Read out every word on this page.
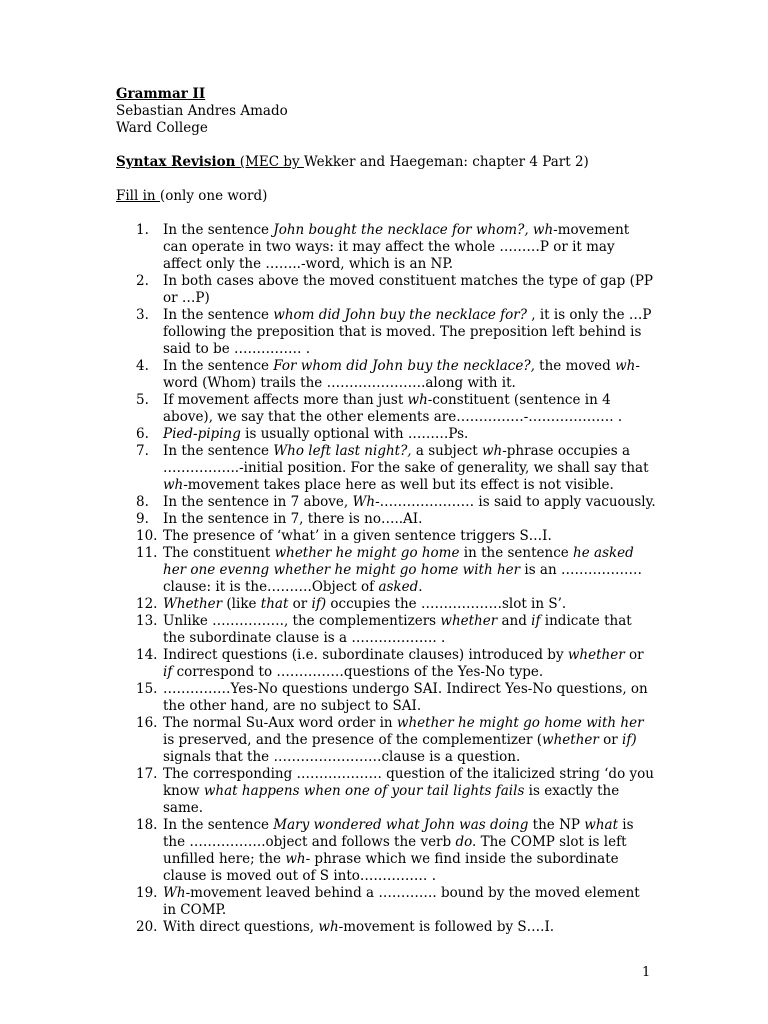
Grammar II
Sebastian Andres Amado
Ward College
Syntax Revision (MEC by Wekker and Haegeman: chapter 4 Part 2)
Fill in (only one word)
1.	In the sentence John bought the necklace for whom?, wh-movement can operate in two ways: it may affect the whole ………P or it may affect only the ……..-word, which is an NP.
2.	In both cases above the moved constituent matches the type of gap (PP or …P)
3.	In the sentence whom did John buy the necklace for? , it is only the …P following the preposition that is moved. The preposition left behind is said to be …………… .
4.	In the sentence For whom did John buy the necklace?, the moved wh-word (Whom) trails the ………………….along with it.
5.	If movement affects more than just wh-constituent (sentence in 4 above), we say that the other elements are……………-………………. .
6.	Pied-piping is usually optional with ………Ps.
7.	In the sentence Who left last night?, a subject wh-phrase occupies a ……………..-initial position. For the sake of generality, we shall say that wh-movement takes place here as well but its effect is not visible.
8.	In the sentence in 7 above, Wh-………………… is said to apply vacuously.
9.	In the sentence in 7, there is no…..AI.
10. The presence of ‘what’ in a given sentence triggers S…I.
11. The constituent whether he might go home in the sentence he asked her one evenng whether he might go home with her is an ………………clause: it is the……….Object of asked.
12. Whether (like that or if) occupies the ………………slot in S’.
13. Unlike ……………., the complementizers whether and if indicate that the subordinate clause is a ………………. .
14. Indirect questions (i.e. subordinate clauses) introduced by whether or if correspond to ……………questions of the Yes-No type.
15. ……………Yes-No questions undergo SAI. Indirect Yes-No questions, on the other hand, are no subject to SAI.
16. The normal Su-Aux word order in whether he might go home with her is preserved, and the presence of the complementizer (whether or if) signals that the ……………………clause is a question.
17. The corresponding ………………. question of the italicized string ‘do you know what happens when one of your tail lights fails is exactly the same.
18. In the sentence Mary wondered what John was doing the NP what is the ……………..object and follows the verb do. The COMP slot is left unfilled here; the wh- phrase which we find inside the subordinate clause is moved out of S into…………… .
19. Wh-movement leaved behind a …………. bound by the moved element in COMP.
20. With direct questions, wh-movement is followed by S….I.
1
